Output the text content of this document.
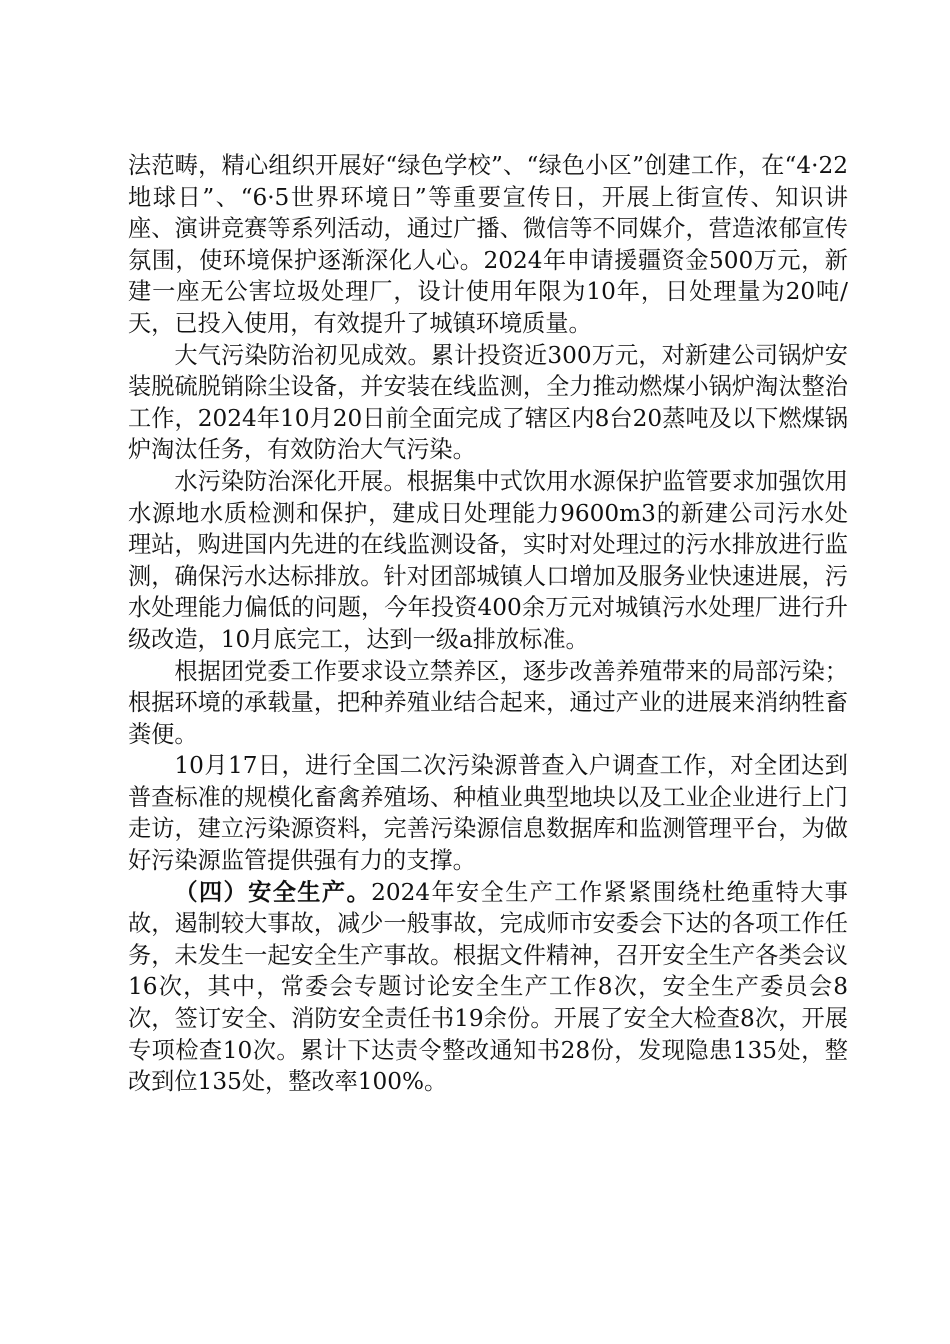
法范畴，精心组织开展好“绿色学校”、“绿色小区”创建工作，在“4·22地球日”、“6·5世界环境日”等重要宣传日，开展上街宣传、知识讲座、演讲竞赛等系列活动，通过广播、微信等不同媒介，营造浓郁宣传氛围，使环境保护逐渐深化人心。2024年申请援疆资金500万元，新建一座无公害垃圾处理厂，设计使用年限为10年，日处理量为20吨/天，已投入使用，有效提升了城镇环境质量。

大气污染防治初见成效。累计投资近300万元，对新建公司锅炉安装脱硫脱销除尘设备，并安装在线监测，全力推动燃煤小锅炉淘汰整治工作，2024年10月20日前全面完成了辖区内8台20蒸吨及以下燃煤锅炉淘汰任务，有效防治大气污染。

水污染防治深化开展。根据集中式饮用水源保护监管要求加强饮用水源地水质检测和保护，建成日处理能力9600m3的新建公司污水处理站，购进国内先进的在线监测设备，实时对处理过的污水排放进行监测，确保污水达标排放。针对团部城镇人口增加及服务业快速进展，污水处理能力偏低的问题，今年投资400余万元对城镇污水处理厂进行升级改造，10月底完工，达到一级a排放标准。

根据团党委工作要求设立禁养区，逐步改善养殖带来的局部污染；根据环境的承载量，把种养殖业结合起来，通过产业的进展来消纳牲畜粪便。

10月17日，进行全国二次污染源普查入户调查工作，对全团达到普查标准的规模化畜禽养殖场、种植业典型地块以及工业企业进行上门走访，建立污染源资料，完善污染源信息数据库和监测管理平台，为做好污染源监管提供强有力的支撑。

（四）安全生产。2024年安全生产工作紧紧围绕杜绝重特大事故，遏制较大事故，减少一般事故，完成师市安委会下达的各项工作任务，未发生一起安全生产事故。根据文件精神，召开安全生产各类会议16次，其中，常委会专题讨论安全生产工作8次，安全生产委员会8次，签订安全、消防安全责任书19余份。开展了安全大检查8次，开展专项检查10次。累计下达责令整改通知书28份，发现隐患135处，整改到位135处，整改率100%。
